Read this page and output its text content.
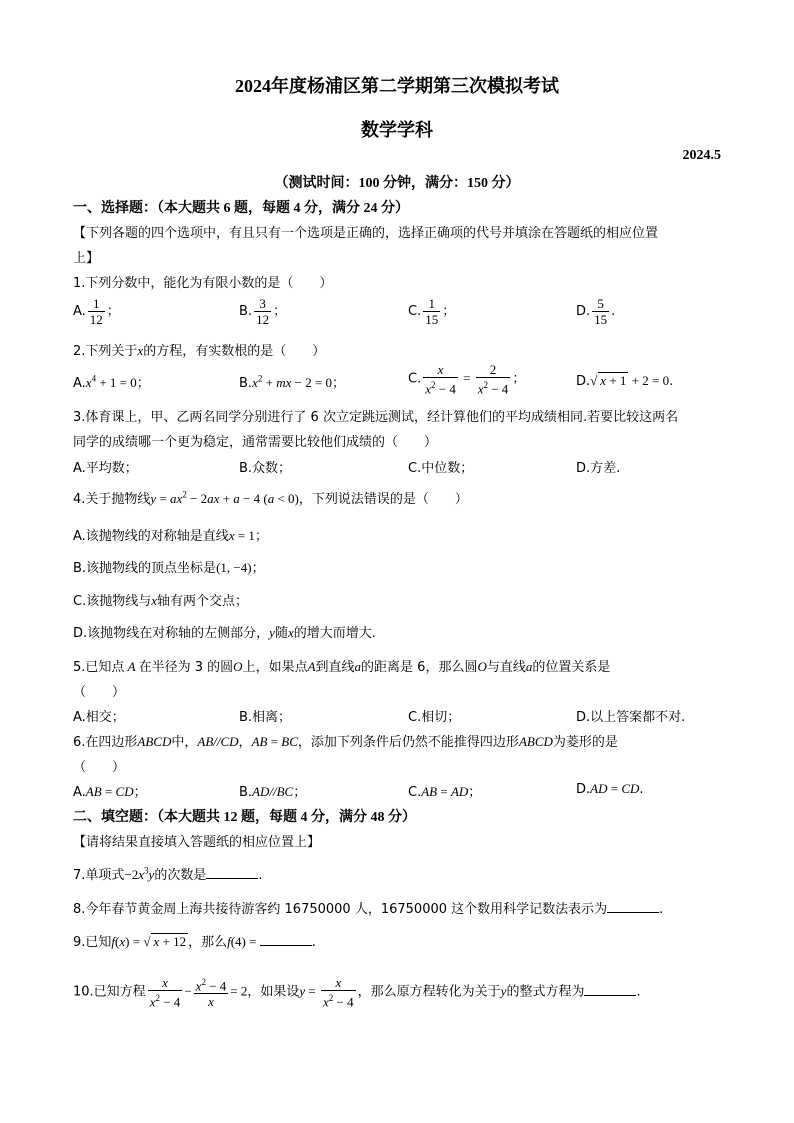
2024年度杨浦区第二学期第三次模拟考试
数学学科
2024.5
（测试时间：100 分钟，满分：150 分）
一、选择题：（本大题共 6 题，每题 4 分，满分 24 分）
【下列各题的四个选项中，有且只有一个选项是正确的，选择正确项的代号并填涂在答题纸的相应位置
上】
1.下列分数中，能化为有限小数的是（　　）
A. $\frac{1}{12}$ ；	B. $\frac{3}{12}$ ；	C. $\frac{1}{15}$ ；	D. $\frac{5}{15}$ .
2.下列关于x的方程，有实数根的是（　　）
$A.x^4 + 1 = 0$；	$B.x^2$ + mx − 2 = 0；	C. $\frac{x}{x^2 - 4} = \frac{2}{x^2 - 4}$ ；	D.√ x + 1 + 2 = 0.
3.体育课上，甲、乙两名同学分别进行了 6 次立定跳远测试，经计算他们的平均成绩相同.若要比较这两名
同学的成绩哪一个更为稳定，通常需要比较他们成绩的（　　）
A.平均数；	B.众数；	C.中位数；	D.方差.
4.关于抛物线$y = ax^2 - 2ax + a - 4$ (a < 0)，下列说法错误的是（　　）
A.该抛物线的对称轴是直线x = 1；
B.该抛物线的顶点坐标是(1, −4)；
C.该抛物线与x轴有两个交点；
D.该抛物线在对称轴的左侧部分，y随x的增大而增大.
5.已知点 A 在半径为 3 的圆O上，如果点A到直线a的距离是 6，那么圆O与直线a的位置关系是
（　　）
A.相交；	B.相离；	C.相切；	D.以上答案都不对.
6.在四边形ABCD中，AB//CD，AB = BC，添加下列条件后仍然不能推得四边形ABCD为菱形的是
（　　）
A.AB = CD；	B.AD//BC；	C.AB = AD；	D.AD = CD.
二、填空题：（本大题共 12 题，每题 4 分，满分 48 分）
【请将结果直接填入答题纸的相应位置上】
7.单项式$-2x^3y$的次数是	.
8.今年春节黄金周上海共接待游客约 16750000 人，16750000 这个数用科学记数法表示为	.
9.已知f(x) = √ x + 12 ，那么f(4) =	.
10.已知方程 $\frac{x}{x^2 - 4} - \frac{x^2 - 4}{x} = 2$，如果设$y = \frac{x}{x^2 - 4}$ ，那么原方程转化为关于y的整式方程为	.
